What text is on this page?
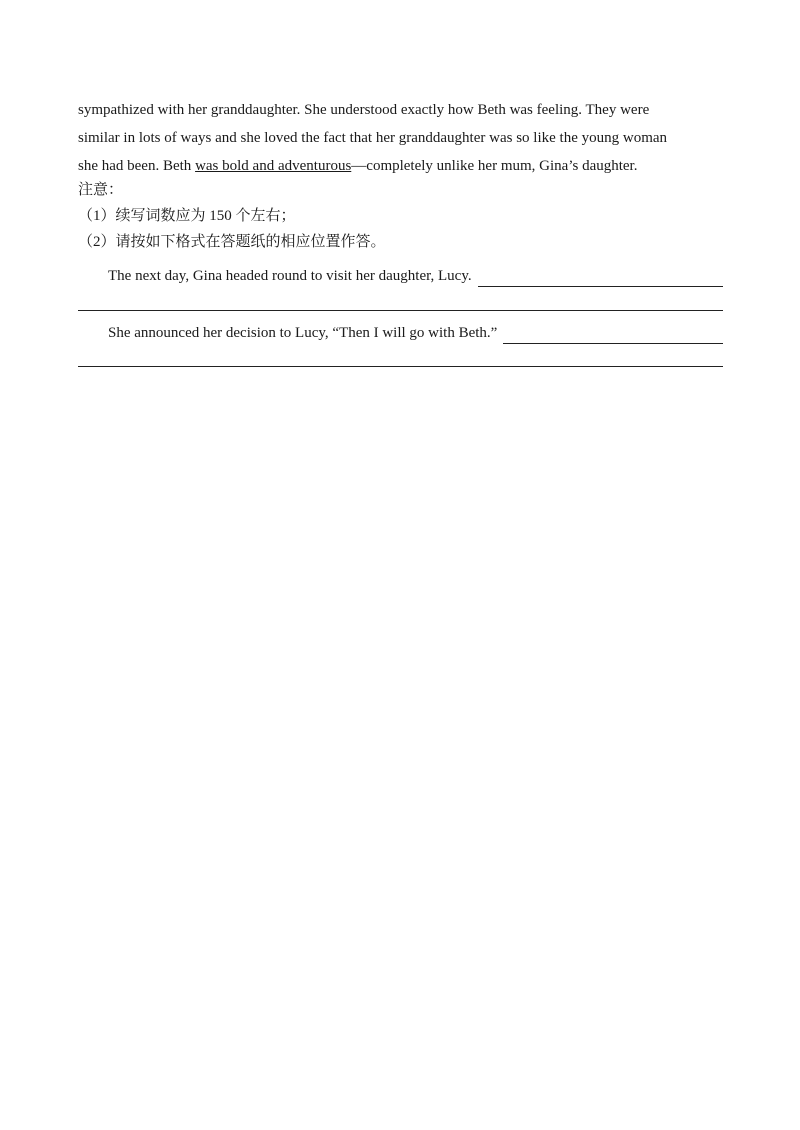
sympathized with her granddaughter. She understood exactly how Beth was feeling. They were
similar in lots of ways and she loved the fact that her granddaughter was so like the young woman
she had been. Beth was bold and adventurous—completely unlike her mum, Gina’s daughter.
注意：
（1）续写词数应为 150 个左右；
（2）请按如下格式在答题纸的相应位置作答。
The next day, Gina headed round to visit her daughter, Lucy.
She announced her decision to Lucy, “Then I will go with Beth.”
